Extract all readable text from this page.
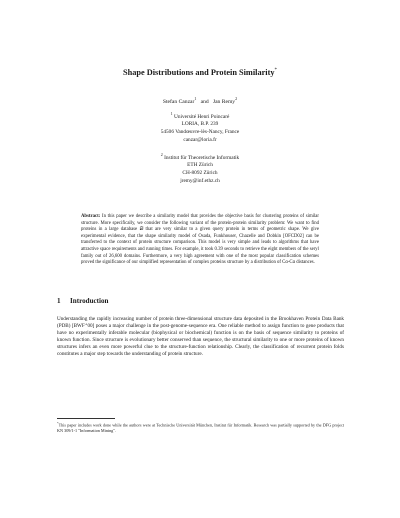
Shape Distributions and Protein Similarity*
Stefan Canzar$^1$   and Jan Remy$^2$
$^1$ Université Henri Poincaré
LORIA, B.P. 239
54506 Vandœuvre-lès-Nancy, France
canzar@loria.fr
$^2$ Institut für Theoretische Informatik
ETH Zürich
CH-8092 Zürich
jremy@inf.ethz.ch
Abstract: In this paper we describe a similarity model that provides the objective basis for clustering proteins of similar structure. More specifically, we consider the following variant of the protein-protein similarity problem: We want to find proteins in a large database 𝒟 that are very similar to a given query protein in terms of geometric shape. We give experimental evidence, that the shape similarity model of Osada, Funkhouser, Chazelle and Dobkin [OFCD02] can be transferred to the context of protein structure comparison. This model is very simple and leads to algorithms that have attractive space requirements and running times. For example, it took 0.39 seconds to retrieve the eight members of the seryl family out of 26,600 domains. Furthermore, a very high agreement with one of the most popular classification schemes proved the significance of our simplified representation of complex proteins structure by a distribution of Cα-Cα distances.
1 Introduction
Understanding the rapidly increasing number of protein three-dimensional structure data deposited in the Brookhaven Protein Data Bank (PDB) [BWF⁺00] poses a major challenge in the post-genome-sequence era. One reliable method to assign function to gene products that have no experimentally inferable molecular (biophysical or biochemical) function is on the basis of sequence similarity to proteins of known function. Since structure is evolutionary better conserved than sequence, the structural similarity to one or more proteins of known structures infers an even more powerful clue to the structure-function relationship. Clearly, the classification of recurrent protein folds constitutes a major step towards the understanding of protein structure.
*This paper includes work done while the authors were at Technische Universität München, Institut für Informatik. Research was partially supported by the DFG project KN 309/1-1 "Information Mining".
